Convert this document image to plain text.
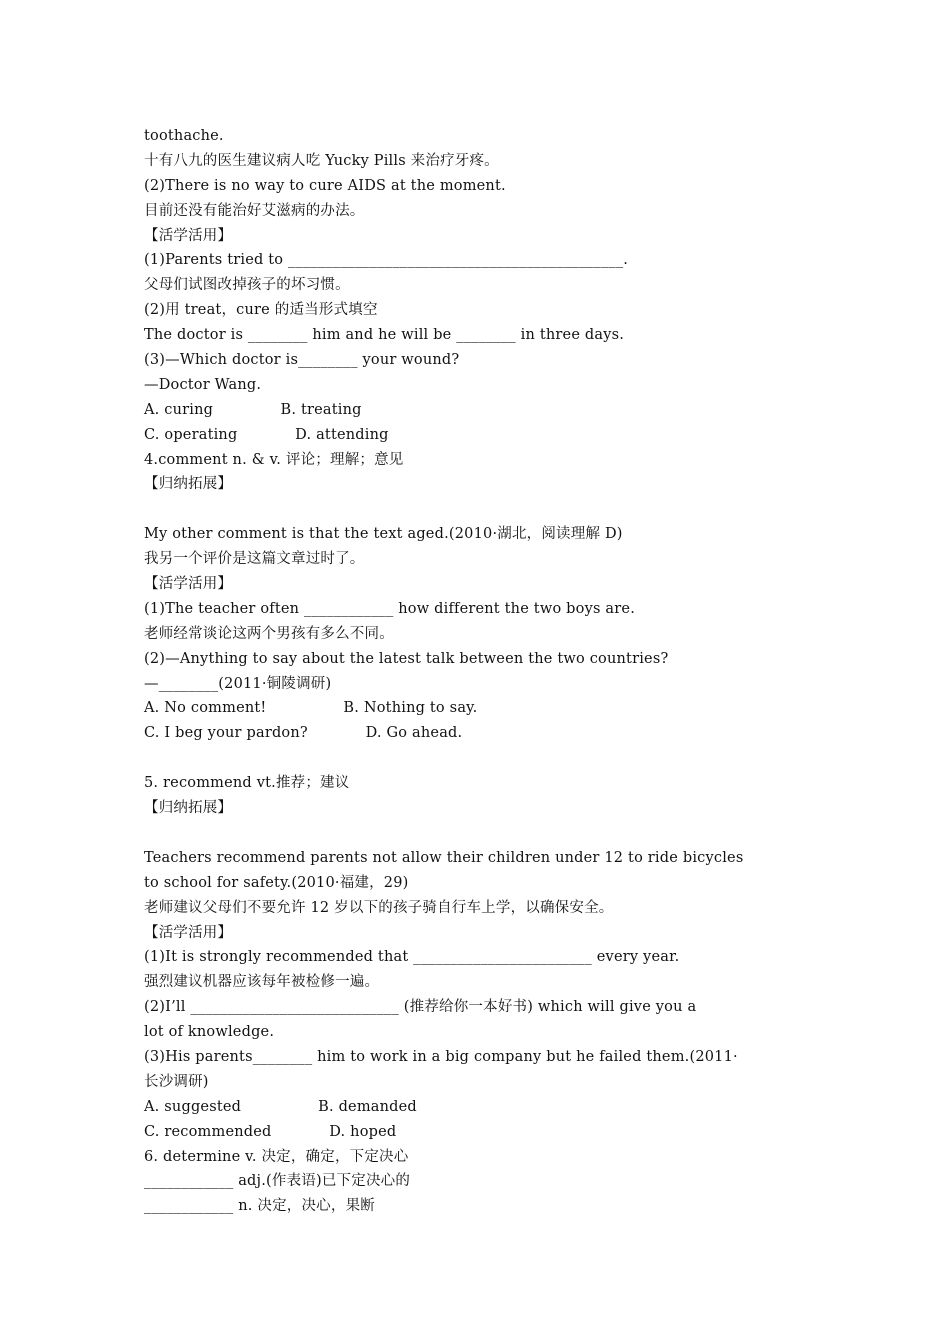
toothache.
十有八九的医生建议病人吃 Yucky Pills 来治疗牙疼。
(2)There is no way to cure AIDS at the moment.
目前还没有能治好艾滋病的办法。
【活学活用】
(1)Parents tried to _____________________________________________.
父母们试图改掉孩子的坏习惯。
(2)用 treat，cure 的适当形式填空
The doctor is ________ him and he will be ________ in three days.
(3)—Which doctor is________ your wound?
—Doctor Wang.
A. curing              B. treating
C. operating            D. attending
4.comment n. & v. 评论；理解；意见
【归纳拓展】
My other comment is that the text aged.(2010·湖北，阅读理解 D)
我另一个评价是这篇文章过时了。
【活学活用】
(1)The teacher often ____________ how different the two boys are.
老师经常谈论这两个男孩有多么不同。
(2)—Anything to say about the latest talk between the two countries?
—________(2011·铜陵调研)
A. No comment!                B. Nothing to say.
C. I beg your pardon?            D. Go ahead.
5. recommend vt.推荐；建议
【归纳拓展】
Teachers recommend parents not allow their children under 12 to ride bicycles
to school for safety.(2010·福建，29)
老师建议父母们不要允许 12 岁以下的孩子骑自行车上学，以确保安全。
【活学活用】
(1)It is strongly recommended that ________________________ every year.
强烈建议机器应该每年被检修一遍。
(2)I’ll ____________________________ (推荐给你一本好书) which will give you a
lot of knowledge.
(3)His parents________ him to work in a big company but he failed them.(2011·
长沙调研)
A. suggested                B. demanded
C. recommended            D. hoped
6. determine v. 决定，确定，下定决心
____________ adj.(作表语)已下定决心的
____________ n. 决定，决心，果断
